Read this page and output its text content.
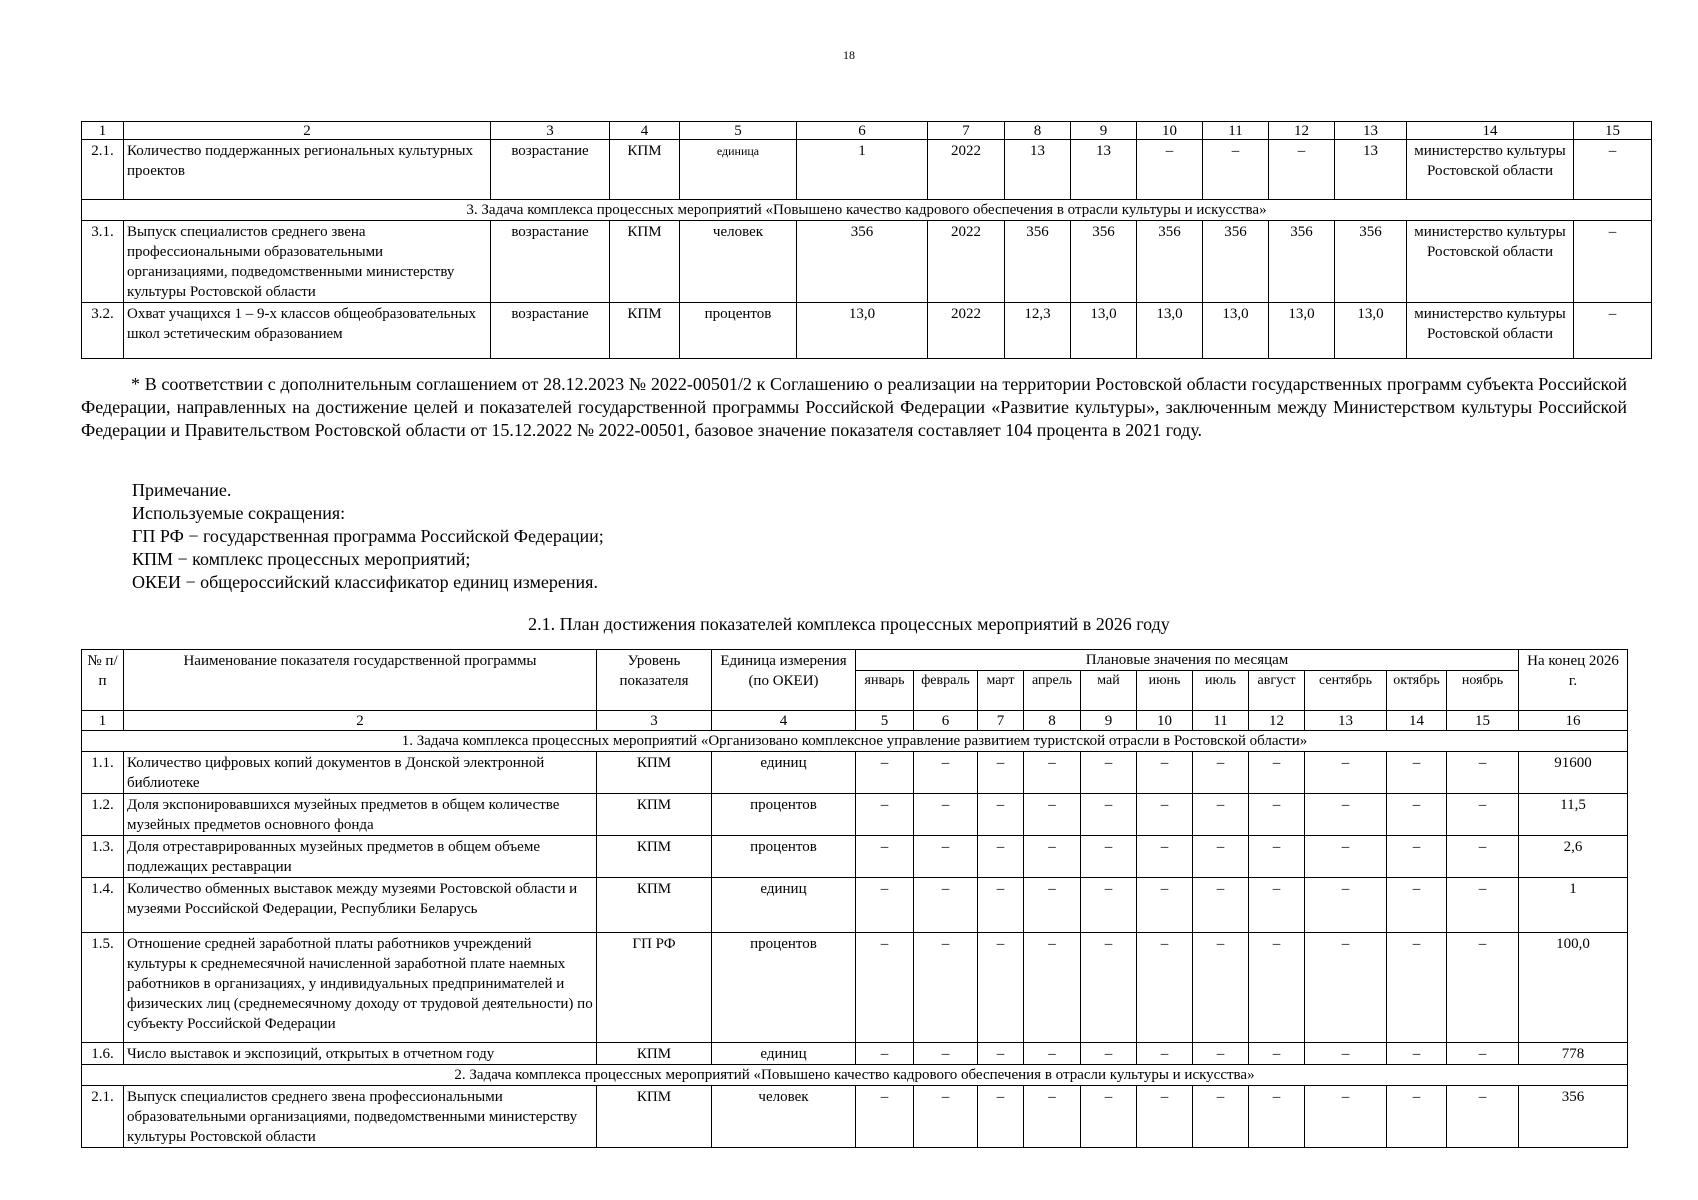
18
1	2	3	4	5	6	7	8	9	10	11	12	13	14	15
2.1.	Количество поддержанных региональных культурных проектов	возрастание	КПМ	единица	1	2022	13	13	–	–	–	13	министерство культуры Ростовской области	–
3. Задача комплекса процессных мероприятий «Повышено качество кадрового обеспечения в отрасли культуры и искусства»														
3.1.	Выпуск специалистов среднего звена профессиональными образовательными организациями, подведомственными министерству культуры Ростовской области	возрастание	КПМ	человек	356	2022	356	356	356	356	356	356	министерство культуры Ростовской области	–
3.2.	Охват учащихся 1 – 9-х классов общеобразовательных школ эстетическим образованием	возрастание	КПМ	процентов	13,0	2022	12,3	13,0	13,0	13,0	13,0	13,0	министерство культуры Ростовской области	–

* В соответствии с дополнительным соглашением от 28.12.2023 № 2022-00501/2 к Соглашению о реализации на территории Ростовской области государственных программ субъекта Российской Федерации, направленных на достижение целей и показателей государственной программы Российской Федерации «Развитие культуры», заключенным между Министерством культуры Российской Федерации и Правительством Ростовской области от 15.12.2022 № 2022-00501, базовое значение показателя составляет 104 процента в 2021 году.

Примечание.
Используемые сокращения:
ГП РФ − государственная программа Российской Федерации;
КПМ − комплекс процессных мероприятий;
ОКЕИ − общероссийский классификатор единиц измерения.
2.1. План достижения показателей комплекса процессных мероприятий в 2026 году
№ п/п	Наименование показателя государственной программы	Уровень показателя	Единица измерения (по ОКЕИ)	Плановые значения по месяцам											На конец 2026 г.
				январь	февраль	март	апрель	май	июнь	июль	август	сентябрь	октябрь	ноябрь	
1	2	3	4	5	6	7	8	9	10	11	12	13	14	15	16
1. Задача комплекса процессных мероприятий «Организовано комплексное управление развитием туристской отрасли в Ростовской области»															
1.1.	Количество цифровых копий документов в Донской электронной библиотеке	КПМ	единиц	–	–	–	–	–	–	–	–	–	–	–	91600
1.2.	Доля экспонировавшихся музейных предметов в общем количестве музейных предметов основного фонда	КПМ	процентов	–	–	–	–	–	–	–	–	–	–	–	11,5
1.3.	Доля отреставрированных музейных предметов в общем объеме подлежащих реставрации	КПМ	процентов	–	–	–	–	–	–	–	–	–	–	–	2,6
1.4.	Количество обменных выставок между музеями Ростовской области и музеями Российской Федерации, Республики Беларусь	КПМ	единиц	–	–	–	–	–	–	–	–	–	–	–	1
1.5.	Отношение средней заработной платы работников учреждений культуры к среднемесячной начисленной заработной плате наемных работников в организациях, у индивидуальных предпринимателей и физических лиц (среднемесячному доходу от трудовой деятельности) по субъекту Российской Федерации	ГП РФ	процентов	–	–	–	–	–	–	–	–	–	–	–	100,0
1.6.	Число выставок и экспозиций, открытых в отчетном году	КПМ	единиц	–	–	–	–	–	–	–	–	–	–	–	778
2. Задача комплекса процессных мероприятий «Повышено качество кадрового обеспечения в отрасли культуры и искусства»															
2.1.	Выпуск специалистов среднего звена профессиональными образовательными организациями, подведомственными министерству культуры Ростовской области	КПМ	человек	–	–	–	–	–	–	–	–	–	–	–	356
